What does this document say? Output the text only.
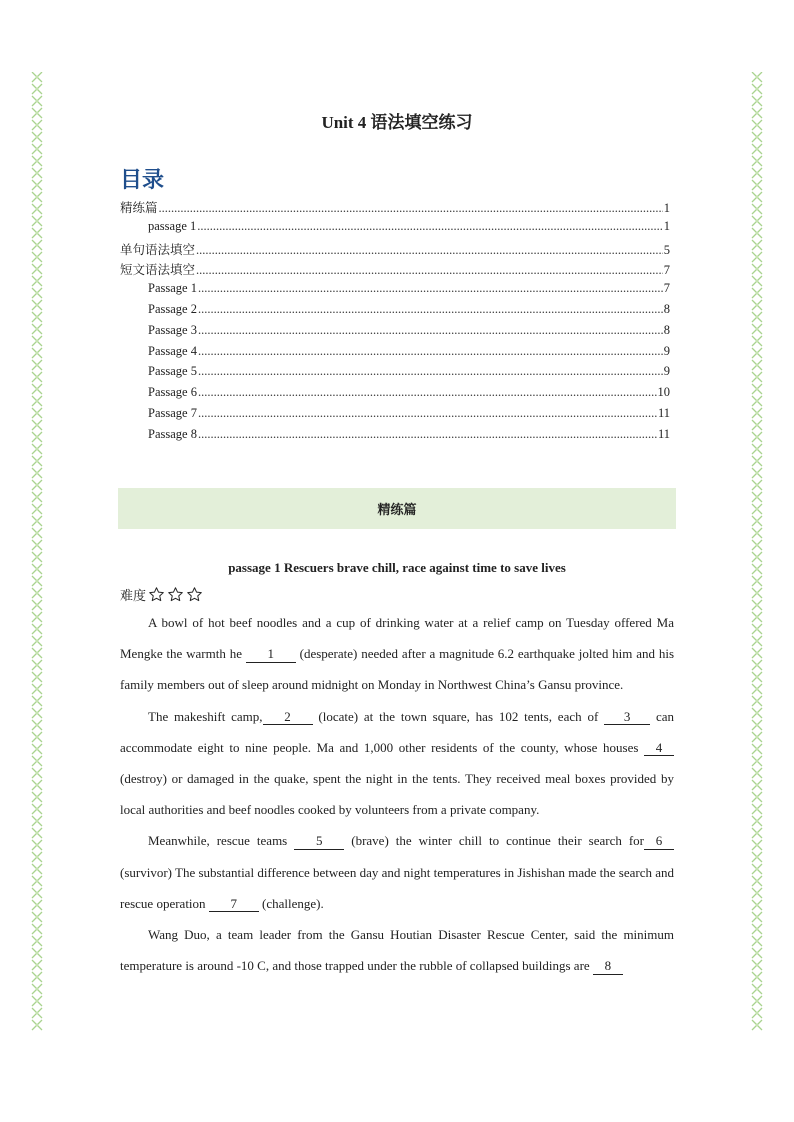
Unit 4 语法填空练习
目录
精练篇 .....	1
passage 1 .....	1
单句语法填空 .....	5
短文语法填空 .....	7
Passage 1 .....	7
Passage 2 .....	8
Passage 3 .....	8
Passage 4 .....	9
Passage 5 .....	9
Passage 6 .....	10
Passage 7 .....	11
Passage 8 .....	11
精练篇
passage 1 Rescuers brave chill, race against time to save lives
难度

A bowl of hot beef noodles and a cup of drinking water at a relief camp on Tuesday offered Ma Mengke the warmth he 1 (desperate) needed after a magnitude 6.2 earthquake jolted him and his family members out of sleep around midnight on Monday in Northwest China’s Gansu province.

The makeshift camp, 2 (locate) at the town square, has 102 tents, each of 3 can accommodate eight to nine people. Ma and 1,000 other residents of the county, whose houses 4 (destroy) or damaged in the quake, spent the night in the tents. They received meal boxes provided by local authorities and beef noodles cooked by volunteers from a private company.

Meanwhile, rescue teams 5 (brave) the winter chill to continue their search for 6 (survivor) The substantial difference between day and night temperatures in Jishishan made the search and rescue operation 7 (challenge).

Wang Duo, a team leader from the Gansu Houtian Disaster Rescue Center, said the minimum temperature is around -10 C, and those trapped under the rubble of collapsed buildings are 8
